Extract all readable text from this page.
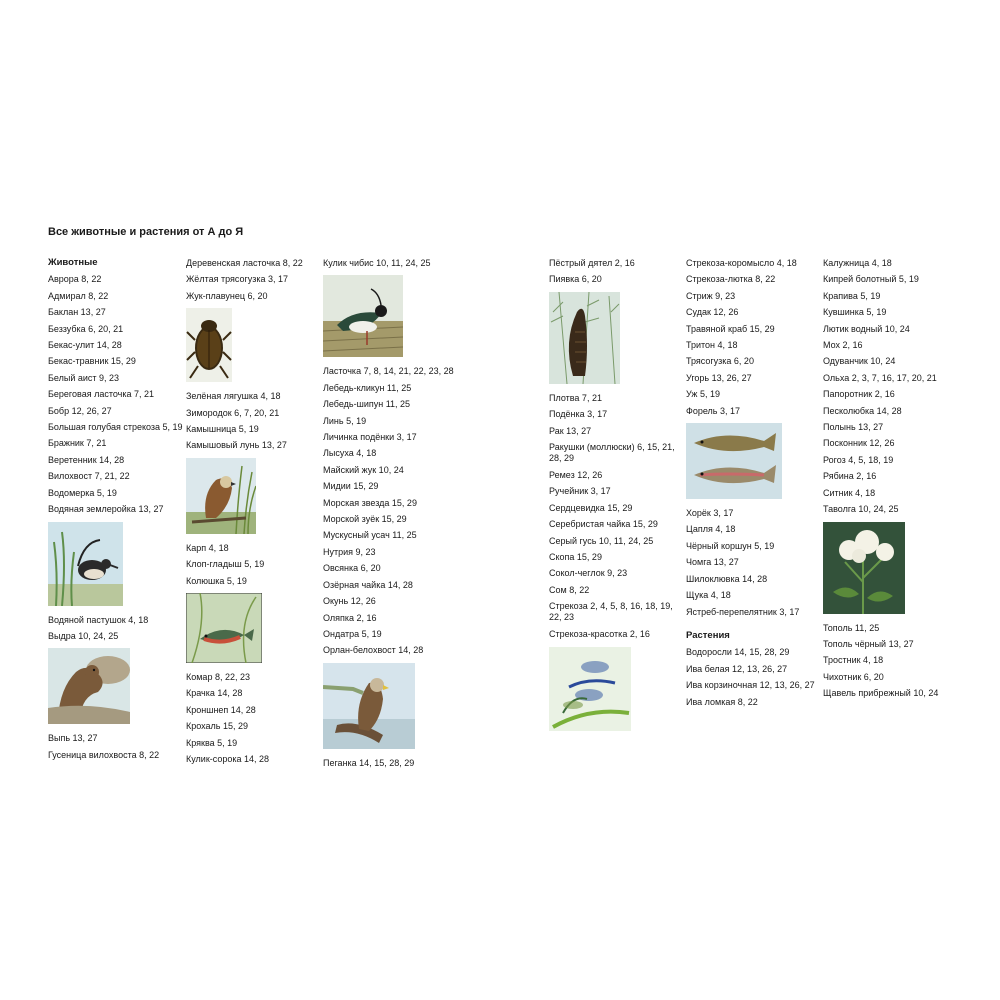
Все животные и растения от А до Я
Животные
Аврора 8, 22
Адмирал 8, 22
Баклан 13, 27
Беззубка 6, 20, 21
Бекас-улит 14, 28
Бекас-травник 15, 29
Белый аист 9, 23
Береговая ласточка 7, 21
Бобр 12, 26, 27
Большая голубая стрекоза 5, 19
Бражник 7, 21
Веретенник 14, 28
Вилохвост 7, 21, 22
Водомерка 5, 19
Водяная землеройка 13, 27
Водяной пастушок 4, 18
Выдра 10, 24, 25
Выпь 13, 27
Гусеница вилохвоста 8, 22
Деревенская ласточка 8, 22
Жёлтая трясогузка 3, 17
Жук-плавунец 6, 20
Зелёная лягушка 4, 18
Зимородок 6, 7, 20, 21
Камышница 5, 19
Камышовый лунь 13, 27
Карп 4, 18
Клоп-гладыш 5, 19
Колюшка 5, 19
Комар 8, 22, 23
Крачка 14, 28
Кроншнеп 14, 28
Крохаль 15, 29
Кряква 5, 19
Кулик-сорока 14, 28
Кулик чибис 10, 11, 24, 25
Ласточка 7, 8, 14, 21, 22, 23, 28
Лебедь-кликун 11, 25
Лебедь-шипун 11, 25
Линь 5, 19
Личинка подёнки 3, 17
Лысуха 4, 18
Майский жук 10, 24
Мидии 15, 29
Морская звезда 15, 29
Морской зуёк 15, 29
Мускусный усач 11, 25
Нутрия 9, 23
Овсянка 6, 20
Озёрная чайка 14, 28
Окунь 12, 26
Оляпка 2, 16
Ондатра 5, 19
Орлан-белохвост 14, 28
Пеганка 14, 15, 28, 29
Пёстрый дятел 2, 16
Пиявка 6, 20
Плотва 7, 21
Подёнка 3, 17
Рак 13, 27
Ракушки (моллюски) 6, 15, 21, 28, 29
Ремез 12, 26
Ручейник 3, 17
Сердцевидка 15, 29
Серебристая чайка 15, 29
Серый гусь 10, 11, 24, 25
Скопа 15, 29
Сокол-чеглок 9, 23
Сом 8, 22
Стрекоза 2, 4, 5, 8, 16, 18, 19, 22, 23
Стрекоза-красотка 2, 16
Стрекоза-коромысло 4, 18
Стрекоза-лютка 8, 22
Стриж 9, 23
Судак 12, 26
Травяной краб 15, 29
Тритон 4, 18
Трясогузка 6, 20
Угорь 13, 26, 27
Уж 5, 19
Форель 3, 17
Хорёк 3, 17
Цапля 4, 18
Чёрный коршун 5, 19
Чомга 13, 27
Шилоклювка 14, 28
Щука 4, 18
Ястреб-перепелятник 3, 17
Растения
Водоросли 14, 15, 28, 29
Ива белая 12, 13, 26, 27
Ива корзиночная 12, 13, 26, 27
Ива ломкая 8, 22
Калужница 4, 18
Кипрей болотный 5, 19
Крапива 5, 19
Кувшинка 5, 19
Лютик водный 10, 24
Мох 2, 16
Одуванчик 10, 24
Ольха 2, 3, 7, 16, 17, 20, 21
Папоротник 2, 16
Песколюбка 14, 28
Полынь 13, 27
Посконник 12, 26
Рогоз 4, 5, 18, 19
Рябина 2, 16
Ситник 4, 18
Таволга 10, 24, 25
Тополь 11, 25
Тополь чёрный 13, 27
Тростник 4, 18
Чихотник 6, 20
Щавель прибрежный 10, 24
